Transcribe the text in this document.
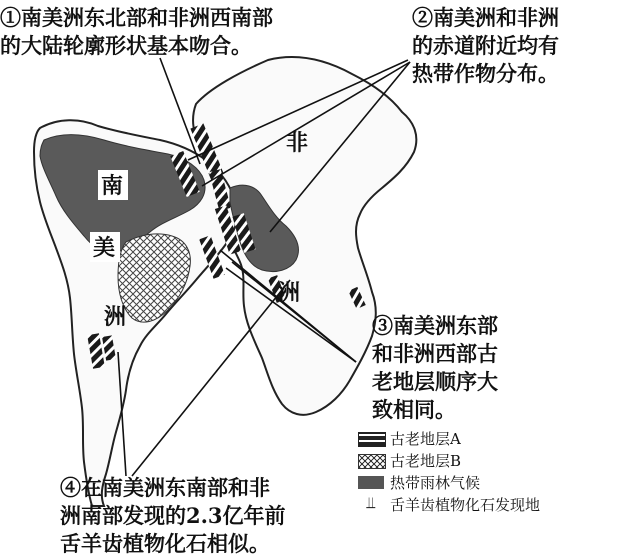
南
美
洲
非
洲
①南美洲东北部和非洲西南部
的大陆轮廓形状基本吻合。
②南美洲和非洲
的赤道附近均有
热带作物分布。
③南美洲东部
和非洲西部古
老地层顺序大
致相同。
④在南美洲东南部和非
洲南部发现的2.3亿年前
舌羊齿植物化石相似。
古老地层A
古老地层B
热带雨林气候
⫫ 舌羊齿植物化石发现地
